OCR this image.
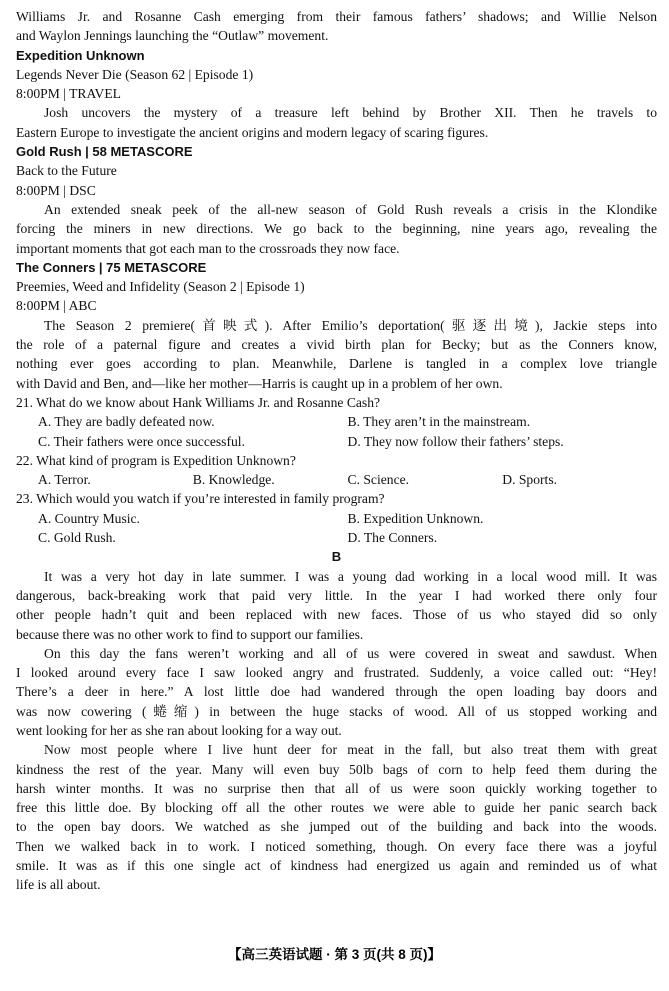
Williams Jr. and Rosanne Cash emerging from their famous fathers’ shadows; and Willie Nelson
and Waylon Jennings launching the “Outlaw” movement.
Expedition Unknown
Legends Never Die (Season 62 | Episode 1)
8:00PM | TRAVEL
Josh uncovers the mystery of a treasure left behind by Brother XII. Then he travels to
Eastern Europe to investigate the ancient origins and modern legacy of scaring figures.
Gold Rush | 58 METASCORE
Back to the Future
8:00PM | DSC
An extended sneak peek of the all-new season of Gold Rush reveals a crisis in the Klondike
forcing the miners in new directions. We go back to the beginning, nine years ago, revealing the
important moments that got each man to the crossroads they now face.
The Conners | 75 METASCORE
Preemies, Weed and Infidelity (Season 2 | Episode 1)
8:00PM | ABC
The Season 2 premiere(首映式). After Emilio’s deportation(驱逐出境), Jackie steps into
the role of a paternal figure and creates a vivid birth plan for Becky; but as the Conners know,
nothing ever goes according to plan. Meanwhile, Darlene is tangled in a complex love triangle
with David and Ben, and—like her mother—Harris is caught up in a problem of her own.
21. What do we know about Hank Williams Jr. and Rosanne Cash?
A. They are badly defeated now.	B. They aren’t in the mainstream.
C. Their fathers were once successful.	D. They now follow their fathers’ steps.
22. What kind of program is Expedition Unknown?
A. Terror.	B. Knowledge.	C. Science.	D. Sports.
23. Which would you watch if you’re interested in family program?
A. Country Music.	B. Expedition Unknown.
C. Gold Rush.	D. The Conners.
B
It was a very hot day in late summer. I was a young dad working in a local wood mill. It was
dangerous, back-breaking work that paid very little. In the year I had worked there only four
other people hadn’t quit and been replaced with new faces. Those of us who stayed did so only
because there was no other work to find to support our families.
On this day the fans weren’t working and all of us were covered in sweat and sawdust. When
I looked around every face I saw looked angry and frustrated. Suddenly, a voice called out: “Hey!
There’s a deer in here.” A lost little doe had wandered through the open loading bay doors and
was now cowering (蜷缩) in between the huge stacks of wood. All of us stopped working and
went looking for her as she ran about looking for a way out.
Now most people where I live hunt deer for meat in the fall, but also treat them with great
kindness the rest of the year. Many will even buy 50lb bags of corn to help feed them during the
harsh winter months. It was no surprise then that all of us were soon quickly working together to
free this little doe. By blocking off all the other routes we were able to guide her panic search back
to the open bay doors. We watched as she jumped out of the building and back into the woods.
Then we walked back in to work. I noticed something, though. On every face there was a joyful
smile. It was as if this one single act of kindness had energized us again and reminded us of what
life is all about.
【高三英语试题 · 第 3 页(共 8 页)】
